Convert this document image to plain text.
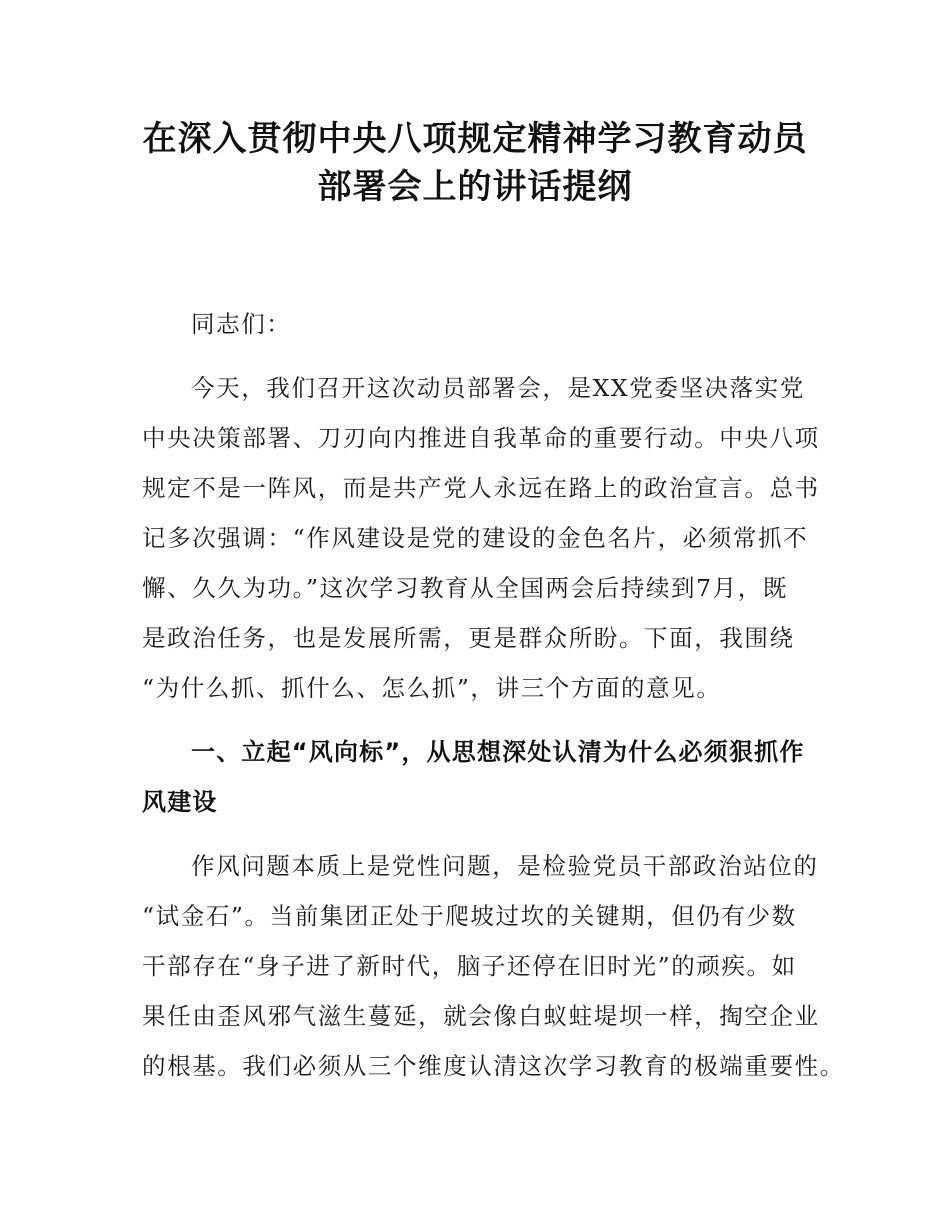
在深入贯彻中央八项规定精神学习教育动员
部署会上的讲话提纲
同志们：
今天，我们召开这次动员部署会，是XX党委坚决落实党
中央决策部署、刀刃向内推进自我革命的重要行动。中央八项
规定不是一阵风，而是共产党人永远在路上的政治宣言。总书
记多次强调：“作风建设是党的建设的金色名片，必须常抓不
懈、久久为功。”这次学习教育从全国两会后持续到7月，既
是政治任务，也是发展所需，更是群众所盼。下面，我围绕
“为什么抓、抓什么、怎么抓”，讲三个方面的意见。
一、立起“风向标”，从思想深处认清为什么必须狠抓作
风建设
作风问题本质上是党性问题，是检验党员干部政治站位的
“试金石”。当前集团正处于爬坡过坎的关键期，但仍有少数
干部存在“身子进了新时代，脑子还停在旧时光”的顽疾。如
果任由歪风邪气滋生蔓延，就会像白蚁蛀堤坝一样，掏空企业
的根基。我们必须从三个维度认清这次学习教育的极端重要性。
